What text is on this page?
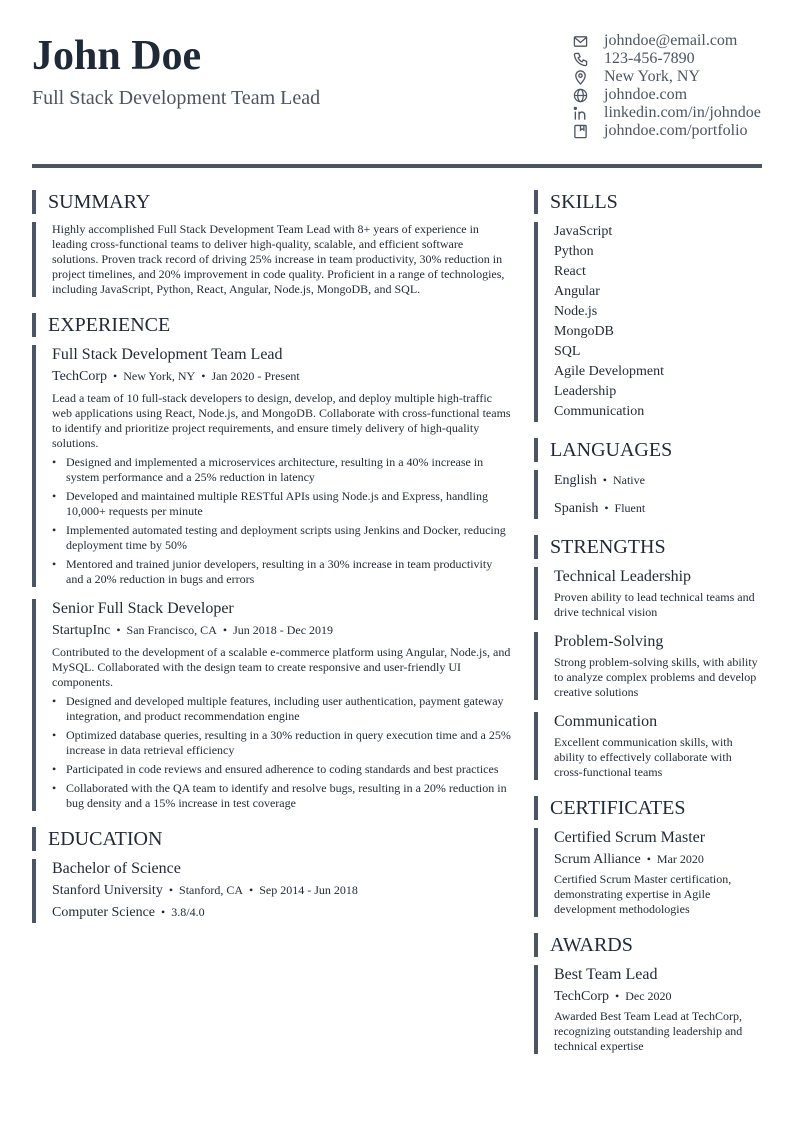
John Doe
Full Stack Development Team Lead
johndoe@email.com
123-456-7890
New York, NY
johndoe.com
linkedin.com/in/johndoe
johndoe.com/portfolio
SUMMARY

Highly accomplished Full Stack Development Team Lead with 8+ years of experience in leading cross-functional teams to deliver high-quality, scalable, and efficient software solutions. Proven track record of driving 25% increase in team productivity, 30% reduction in project timelines, and 20% improvement in code quality. Proficient in a range of technologies, including JavaScript, Python, React, Angular, Node.js, MongoDB, and SQL.

EXPERIENCE
Full Stack Development Team Lead
TechCorp • New York, NY • Jan 2020 - Present

Lead a team of 10 full-stack developers to design, develop, and deploy multiple high-traffic web applications using React, Node.js, and MongoDB. Collaborate with cross-functional teams to identify and prioritize project requirements, and ensure timely delivery of high-quality solutions.

• Designed and implemented a microservices architecture, resulting in a 40% increase in system performance and a 25% reduction in latency
• Developed and maintained multiple RESTful APIs using Node.js and Express, handling 10,000+ requests per minute
• Implemented automated testing and deployment scripts using Jenkins and Docker, reducing deployment time by 50%
• Mentored and trained junior developers, resulting in a 30% increase in team productivity and a 20% reduction in bugs and errors
Senior Full Stack Developer
StartupInc • San Francisco, CA • Jun 2018 - Dec 2019

Contributed to the development of a scalable e-commerce platform using Angular, Node.js, and MySQL. Collaborated with the design team to create responsive and user-friendly UI components.

• Designed and developed multiple features, including user authentication, payment gateway integration, and product recommendation engine
• Optimized database queries, resulting in a 30% reduction in query execution time and a 25% increase in data retrieval efficiency
• Participated in code reviews and ensured adherence to coding standards and best practices
• Collaborated with the QA team to identify and resolve bugs, resulting in a 20% reduction in bug density and a 15% increase in test coverage
EDUCATION
Bachelor of Science
Stanford University • Stanford, CA • Sep 2014 - Jun 2018
Computer Science • 3.8/4.0
SKILLS
JavaScript
Python
React
Angular
Node.js
MongoDB
SQL
Agile Development
Leadership
Communication
LANGUAGES
English • Native
Spanish • Fluent
STRENGTHS
Technical Leadership

Proven ability to lead technical teams and drive technical vision

Problem-Solving

Strong problem-solving skills, with ability to analyze complex problems and develop creative solutions

Communication

Excellent communication skills, with ability to effectively collaborate with cross-functional teams

CERTIFICATES
Certified Scrum Master
Scrum Alliance • Mar 2020

Certified Scrum Master certification, demonstrating expertise in Agile development methodologies

AWARDS
Best Team Lead
TechCorp • Dec 2020

Awarded Best Team Lead at TechCorp, recognizing outstanding leadership and technical expertise
